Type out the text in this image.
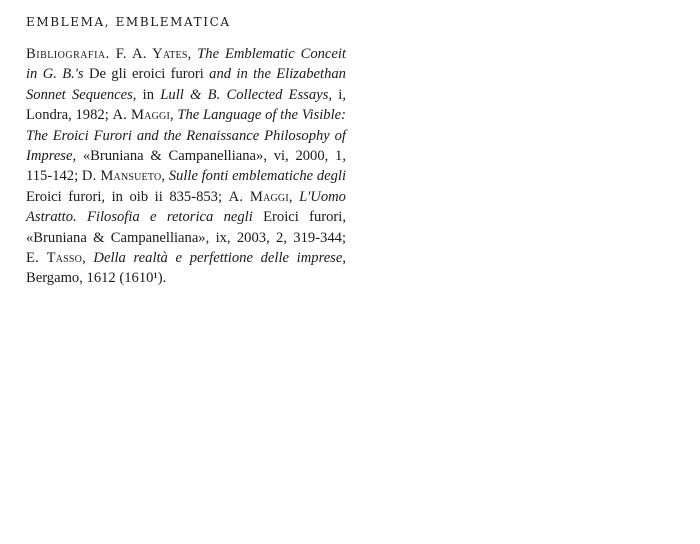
EMBLEMA, EMBLEMATICA

Bibliografia. F. A. Yates, The Emblematic Conceit in G. B.'s De gli eroici furori and in the Elizabethan Sonnet Sequences, in Lull & B. Collected Essays, i, Londra, 1982; A. Maggi, The Language of the Visible: The Eroici Furori and the Renaissance Philosophy of Imprese, «Bruniana & Campanelliana», vi, 2000, 1, 115-142; D. Mansueto, Sulle fonti emblematiche degli Eroici furori, in oib ii 835-853; A. Maggi, L'Uomo Astratto. Filosofia e retorica negli Eroici furori, «Bruniana & Campanelliana», ix, 2003, 2, 319-344; E. Tasso, Della realtà e perfettione delle imprese, Bergamo, 1612 (1610¹).
